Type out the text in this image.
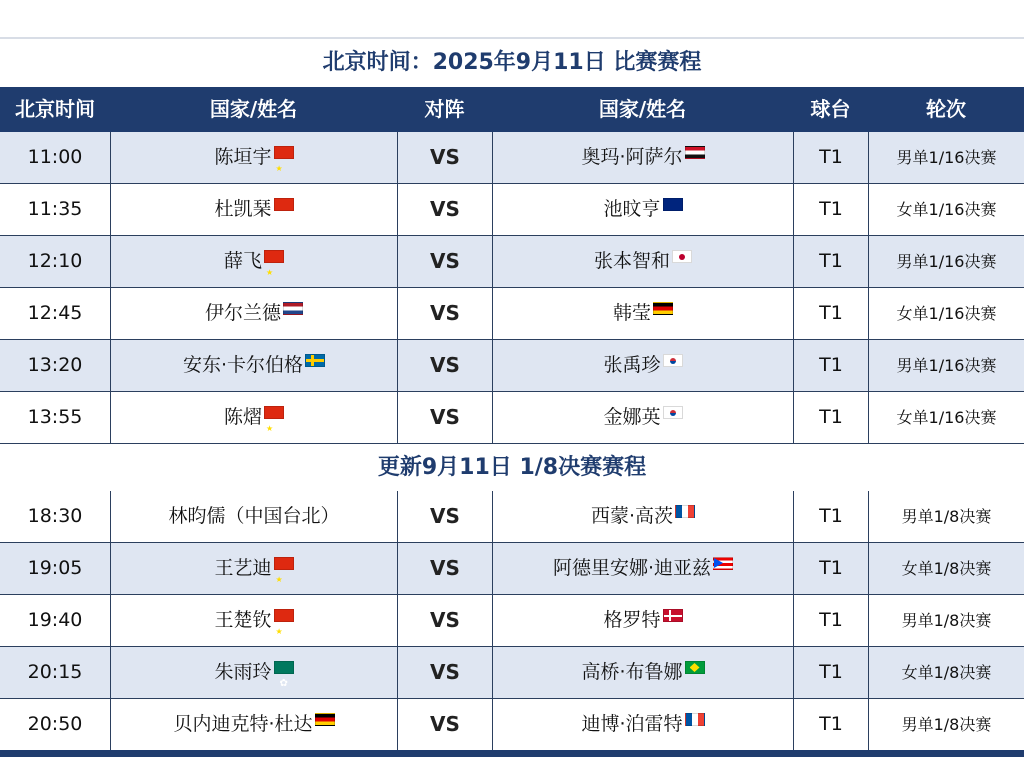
北京时间：2025年9月11日 比赛赛程
北京时间	国家/姓名	对阵	国家/姓名	球台	轮次
11:00	陈垣宇 ★	VS	奥玛·阿萨尔	T1	男单1/16决赛
11:35	杜凯琹 ✿	VS	池旼亨 ✦	T1	女单1/16决赛
12:10	薛飞 ★	VS	张本智和	T1	男单1/16决赛
12:45	伊尔兰德	VS	韩莹	T1	女单1/16决赛
13:20	安东·卡尔伯格	VS	张禹珍	T1	男单1/16决赛
13:55	陈熠 ★	VS	金娜英	T1	女单1/16决赛
更新9月11日 1/8决赛赛程
18:30	林昀儒（中国台北）	VS	西蒙·高茨	T1	男单1/8决赛
19:05	王艺迪 ★	VS	阿德里安娜·迪亚兹	T1	女单1/8决赛
19:40	王楚钦 ★	VS	格罗特	T1	男单1/8决赛
20:15	朱雨玲 ✿	VS	高桥·布鲁娜	T1	女单1/8决赛
20:50	贝内迪克特·杜达	VS	迪博·泊雷特	T1	男单1/8决赛
